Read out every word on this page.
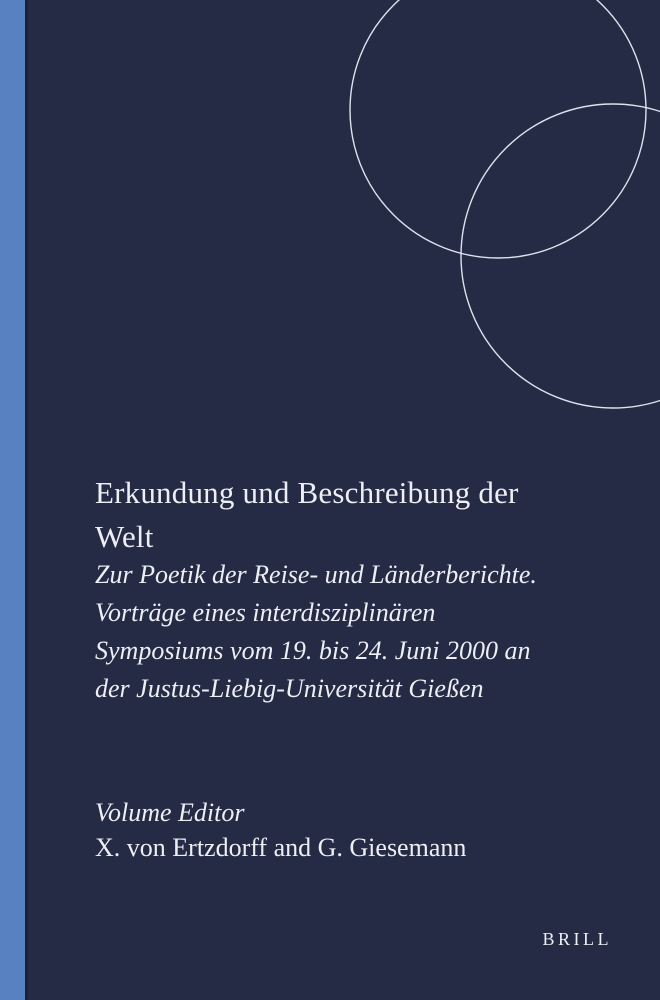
Erkundung und Beschreibung der
Welt
Zur Poetik der Reise- und Länderberichte.
Vorträge eines interdisziplinären
Symposiums vom 19. bis 24. Juni 2000 an
der Justus-Liebig-Universität Gießen
Volume Editor
X. von Ertzdorff and G. Giesemann
BRILL
